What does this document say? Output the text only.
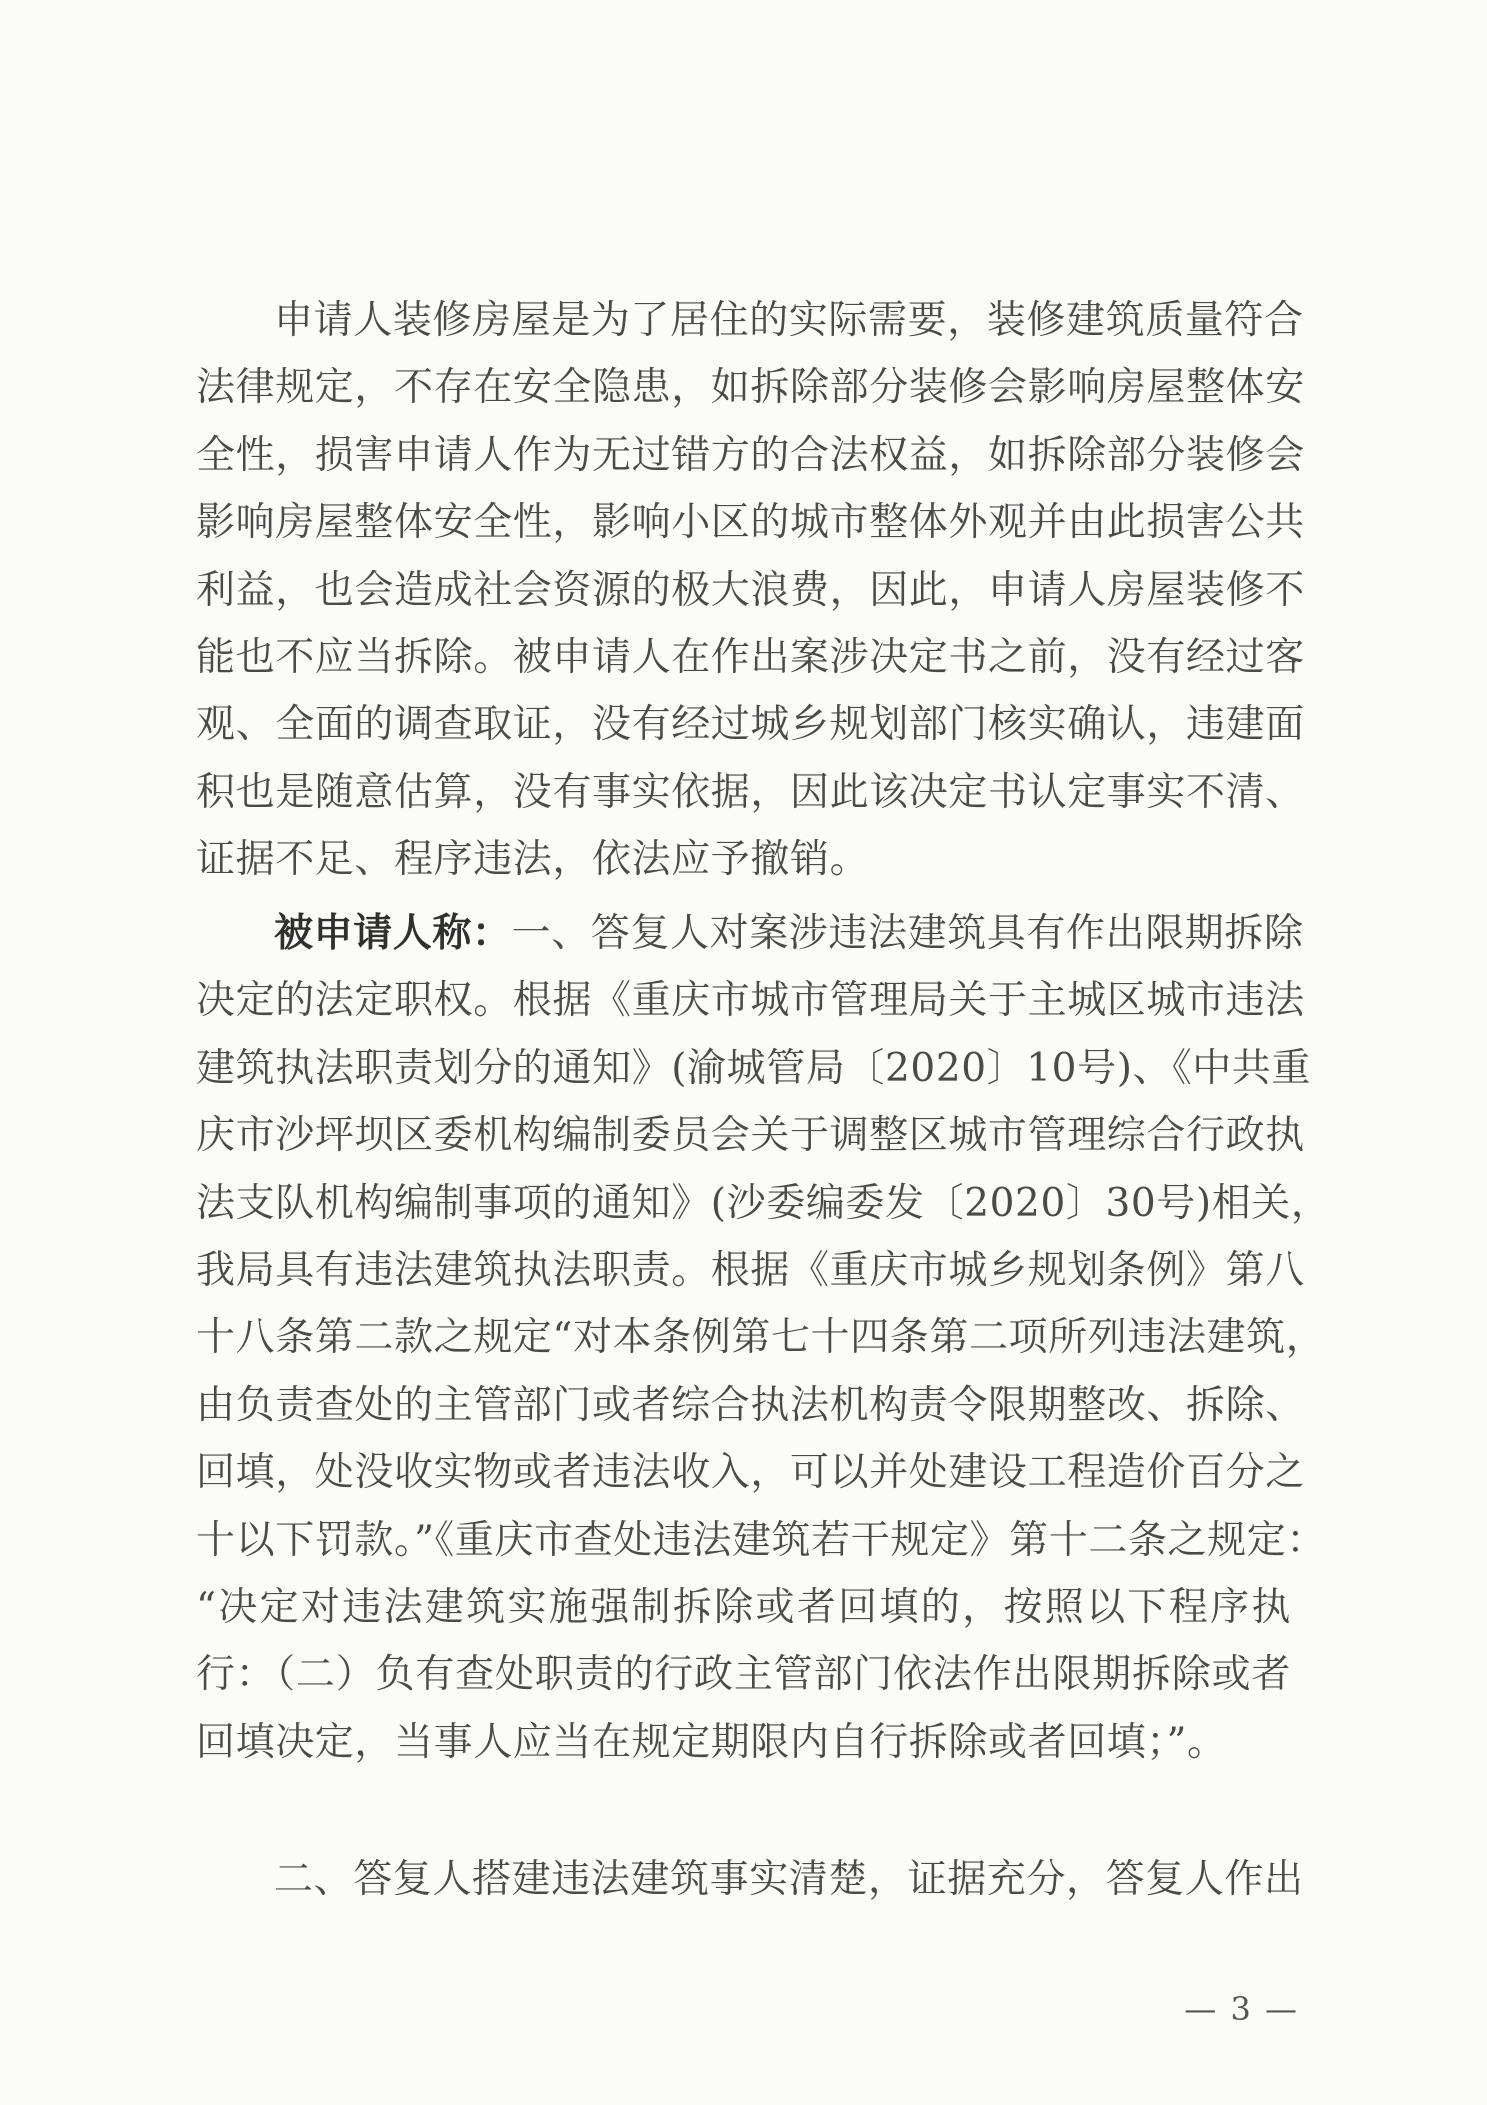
申请人装修房屋是为了居住的实际需要，装修建筑质量符合
法律规定，不存在安全隐患，如拆除部分装修会影响房屋整体安
全性，损害申请人作为无过错方的合法权益，如拆除部分装修会
影响房屋整体安全性，影响小区的城市整体外观并由此损害公共
利益，也会造成社会资源的极大浪费，因此，申请人房屋装修不
能也不应当拆除。被申请人在作出案涉决定书之前，没有经过客
观、全面的调查取证，没有经过城乡规划部门核实确认，违建面
积也是随意估算，没有事实依据，因此该决定书认定事实不清、
证据不足、程序违法，依法应予撤销。
被申请人称：一、答复人对案涉违法建筑具有作出限期拆除
决定的法定职权。根据《重庆市城市管理局关于主城区城市违法
建筑执法职责划分的通知》(渝城管局〔2020〕10号)、《中共重
庆市沙坪坝区委机构编制委员会关于调整区城市管理综合行政执
法支队机构编制事项的通知》(沙委编委发〔2020〕30号)相关，
我局具有违法建筑执法职责。根据《重庆市城乡规划条例》第八
十八条第二款之规定“对本条例第七十四条第二项所列违法建筑，
由负责查处的主管部门或者综合执法机构责令限期整改、拆除、
回填，处没收实物或者违法收入，可以并处建设工程造价百分之
十以下罚款。”《重庆市查处违法建筑若干规定》第十二条之规定：
“决定对违法建筑实施强制拆除或者回填的，按照以下程序执
行：（二）负有查处职责的行政主管部门依法作出限期拆除或者
回填决定，当事人应当在规定期限内自行拆除或者回填；”。
二、答复人搭建违法建筑事实清楚，证据充分，答复人作出
— 3 —
